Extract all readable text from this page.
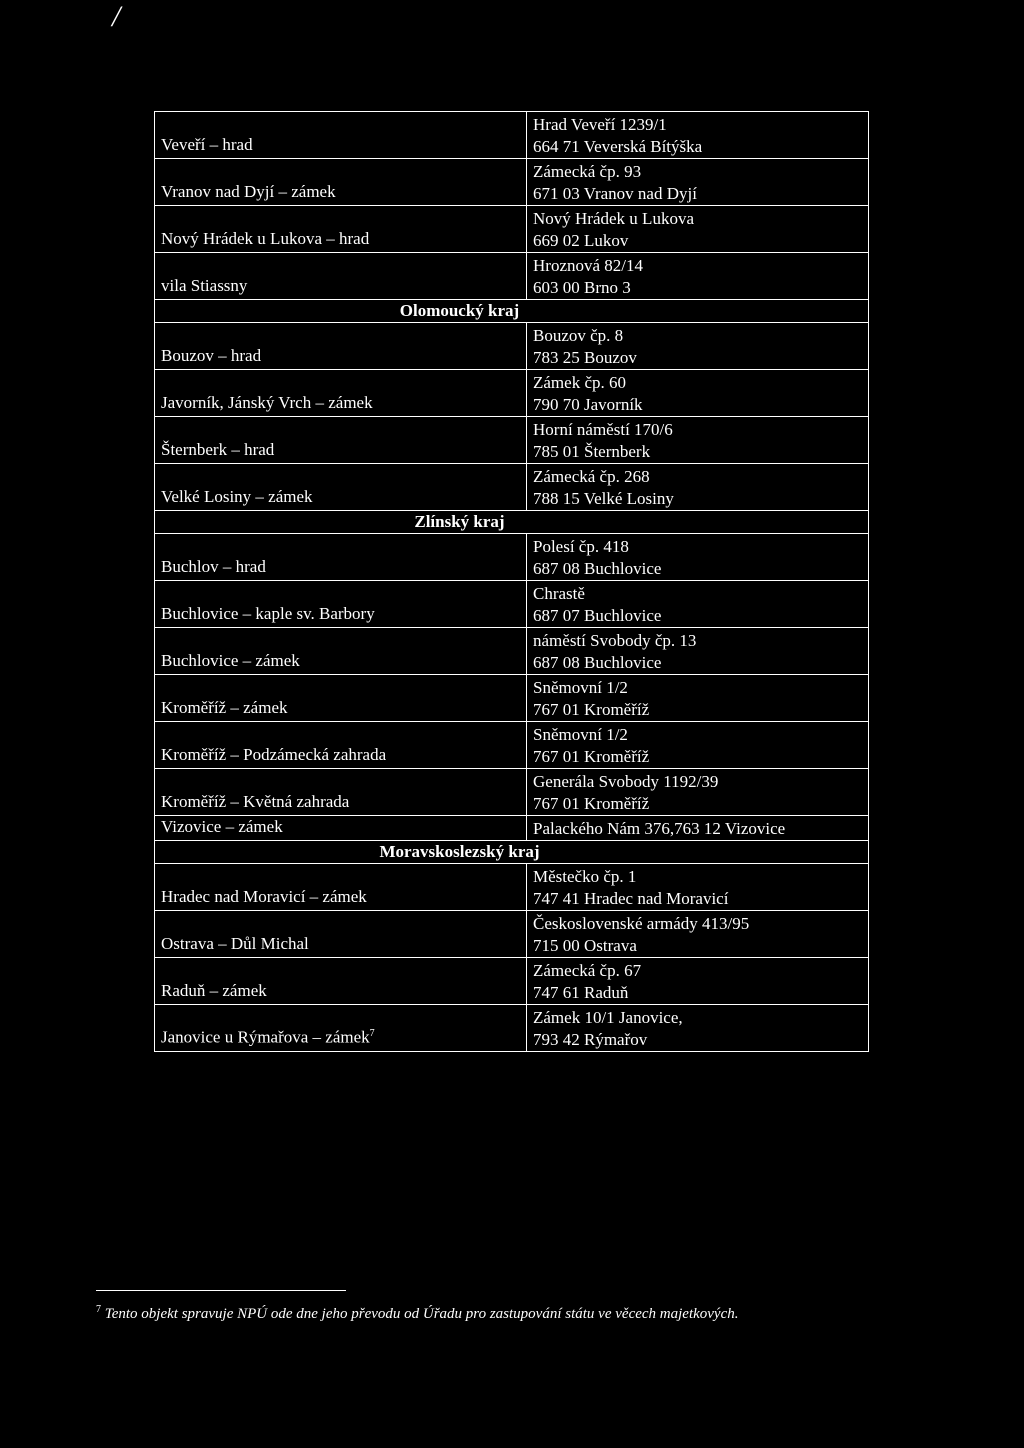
/
Veveří – hrad	Hrad Veveří 1239/1
664 71 Veverská Bítýška

Vranov nad Dyjí – zámek	Zámecká čp. 93
671 03 Vranov nad Dyjí

Nový Hrádek u Lukova – hrad	Nový Hrádek u Lukova
669 02 Lukov

vila Stiassny	Hroznová 82/14
603 00 Brno 3

Olomoucký kraj	
Bouzov – hrad	Bouzov čp. 8
783 25 Bouzov

Javorník, Jánský Vrch – zámek	Zámek čp. 60
790 70 Javorník

Šternberk – hrad	Horní náměstí 170/6
785 01 Šternberk

Velké Losiny – zámek	Zámecká čp. 268
788 15 Velké Losiny

Zlínský kraj	
Buchlov – hrad	Polesí čp. 418
687 08 Buchlovice

Buchlovice – kaple sv. Barbory	Chrastě
687 07 Buchlovice

Buchlovice – zámek	náměstí Svobody čp. 13
687 08 Buchlovice

Kroměříž – zámek	Sněmovní 1/2
767 01 Kroměříž

Kroměříž – Podzámecká zahrada	Sněmovní 1/2
767 01 Kroměříž

Kroměříž – Květná zahrada	Generála Svobody 1192/39
767 01 Kroměříž

Vizovice – zámek	Palackého Nám 376,763 12 Vizovice

Moravskoslezský kraj	
Hradec nad Moravicí – zámek	Městečko čp. 1
747 41 Hradec nad Moravicí

Ostrava – Důl Michal	Československé armády 413/95
715 00 Ostrava

Raduň – zámek	Zámecká čp. 67
747 61 Raduň

Janovice u Rýmařova – zámek$^7$	Zámek 10/1 Janovice,
793 42 Rýmařov
$^7$ Tento objekt spravuje NPÚ ode dne jeho převodu od Úřadu pro zastupování státu ve věcech majetkových.
